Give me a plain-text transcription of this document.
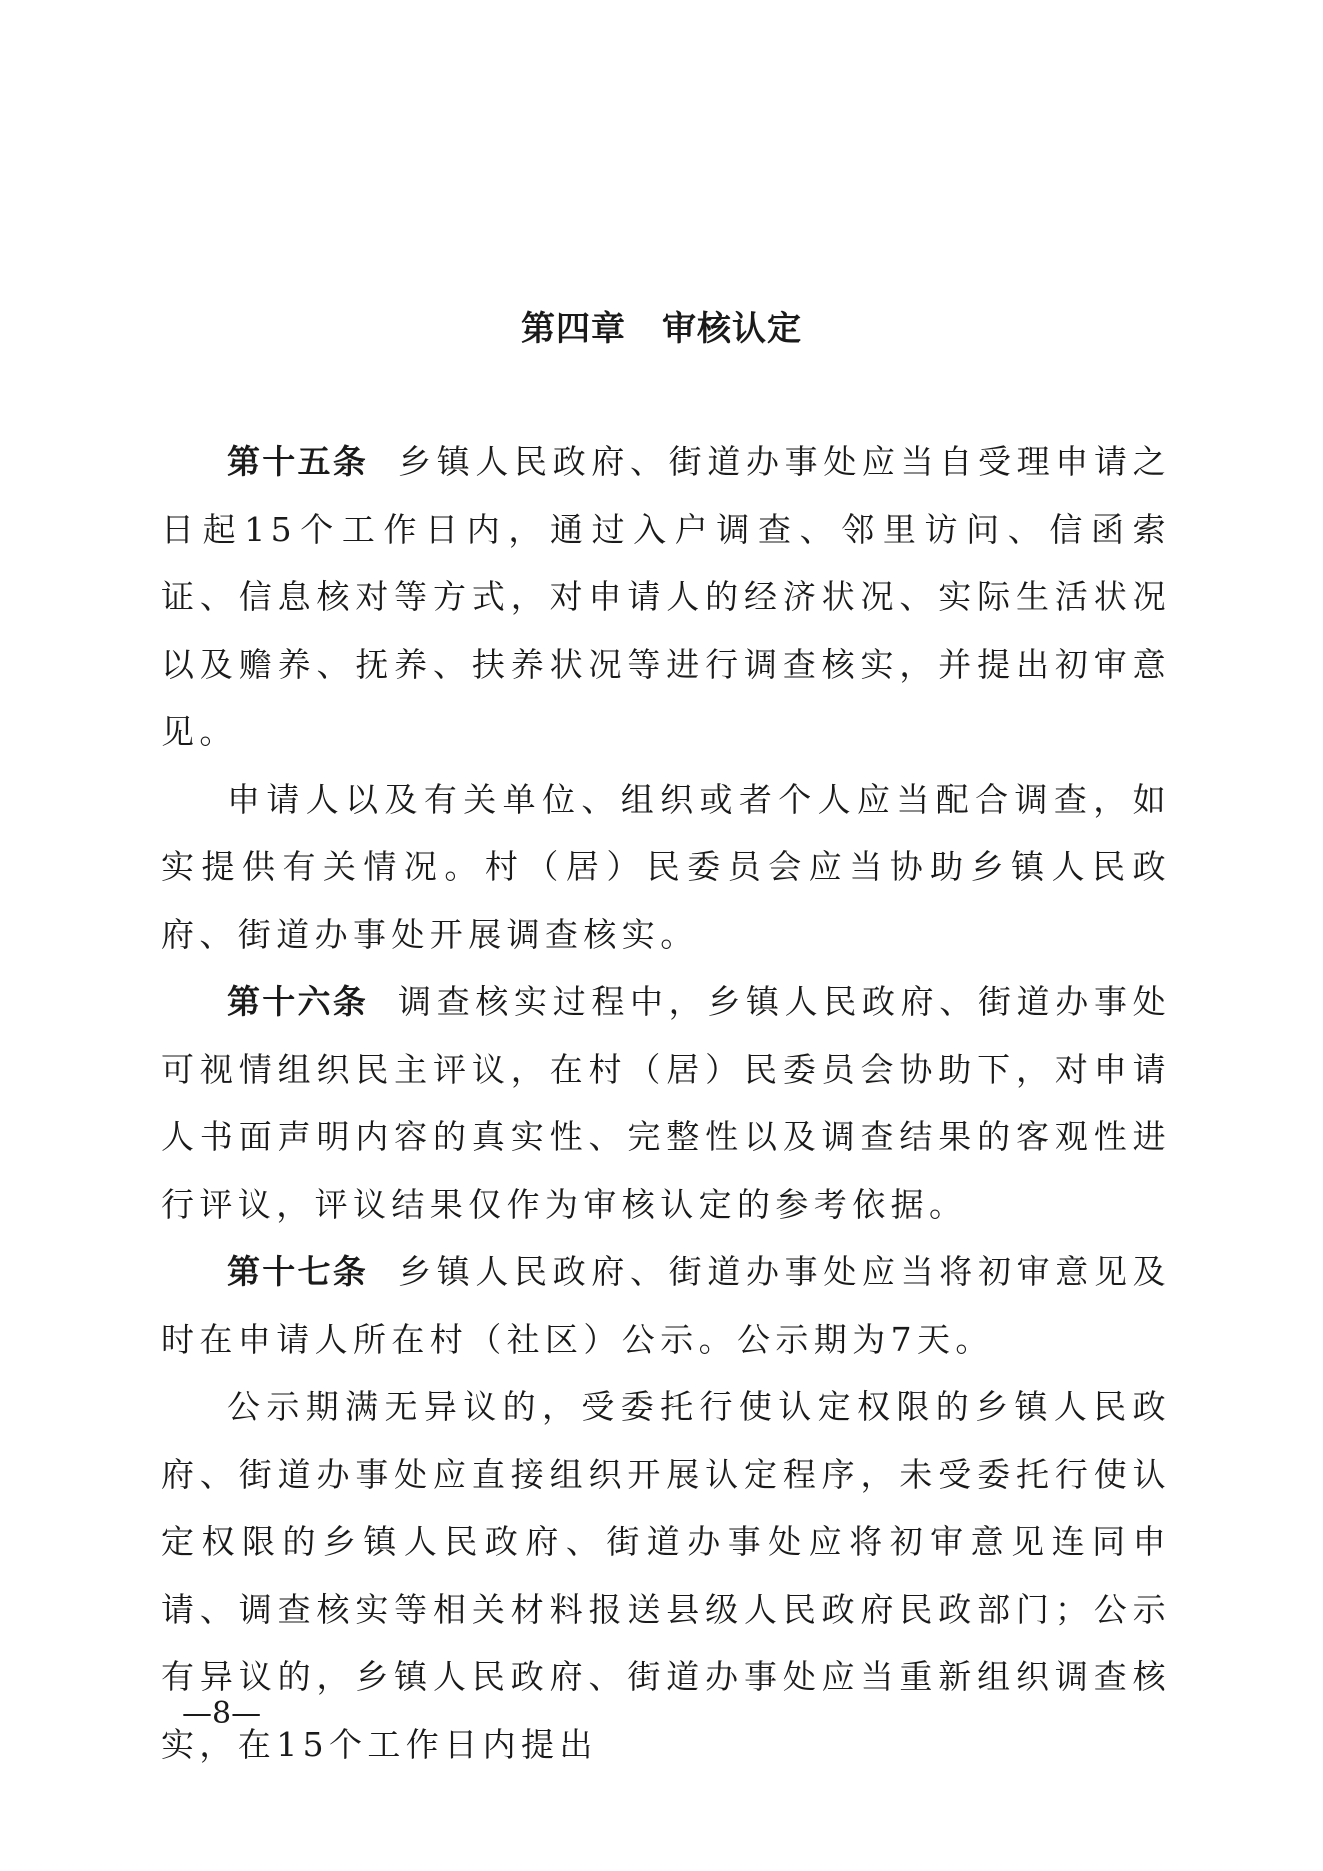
第四章 审核认定

第十五条 乡镇人民政府、街道办事处应当自受理申请之日起15个工作日内，通过入户调查、邻里访问、信函索证、信息核对等方式，对申请人的经济状况、实际生活状况以及赡养、抚养、扶养状况等进行调查核实，并提出初审意见。

申请人以及有关单位、组织或者个人应当配合调查，如实提供有关情况。村（居）民委员会应当协助乡镇人民政府、街道办事处开展调查核实。

第十六条 调查核实过程中，乡镇人民政府、街道办事处可视情组织民主评议，在村（居）民委员会协助下，对申请人书面声明内容的真实性、完整性以及调查结果的客观性进行评议，评议结果仅作为审核认定的参考依据。

第十七条 乡镇人民政府、街道办事处应当将初审意见及时在申请人所在村（社区）公示。公示期为7天。

公示期满无异议的，受委托行使认定权限的乡镇人民政府、街道办事处应直接组织开展认定程序，未受委托行使认定权限的乡镇人民政府、街道办事处应将初审意见连同申请、调查核实等相关材料报送县级人民政府民政部门；公示有异议的，乡镇人民政府、街道办事处应当重新组织调查核实，在15个工作日内提出

—8—
